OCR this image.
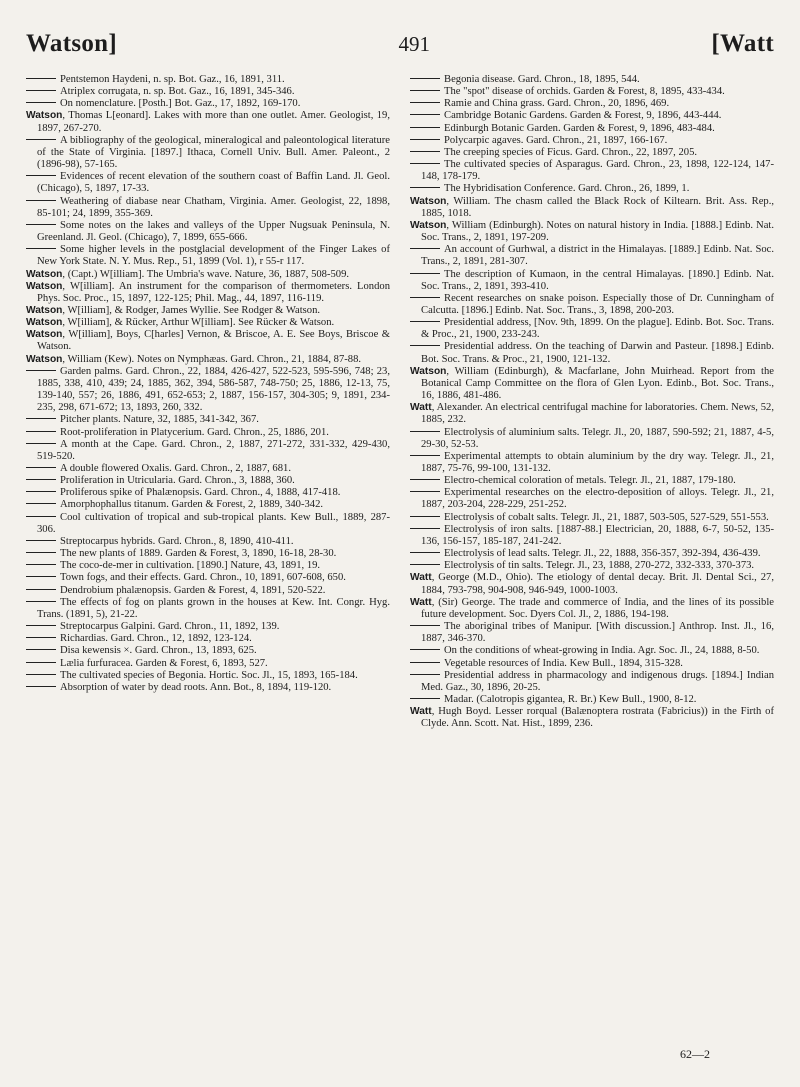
Watson]	491	[Watt

Pentstemon Haydeni, n. sp. Bot. Gaz., 16, 1891, 311.

Atriplex corrugata, n. sp. Bot. Gaz., 16, 1891, 345-346.

On nomenclature. [Posth.] Bot. Gaz., 17, 1892, 169-170.

Watson, Thomas L[eonard]. Lakes with more than one outlet. Amer. Geologist, 19, 1897, 267-270.

A bibliography of the geological, mineralogical and paleontological literature of the State of Virginia. [1897.] Ithaca, Cornell Univ. Bull. Amer. Paleont., 2 (1896-98), 57-165.

Evidences of recent elevation of the southern coast of Baffin Land. Jl. Geol. (Chicago), 5, 1897, 17-33.

Weathering of diabase near Chatham, Virginia. Amer. Geologist, 22, 1898, 85-101; 24, 1899, 355-369.

Some notes on the lakes and valleys of the Upper Nugsuak Peninsula, N. Greenland. Jl. Geol. (Chicago), 7, 1899, 655-666.

Some higher levels in the postglacial development of the Finger Lakes of New York State. N. Y. Mus. Rep., 51, 1899 (Vol. 1), r 55-r 117.

Watson, (Capt.) W[illiam]. The Umbria's wave. Nature, 36, 1887, 508-509.

Watson, W[illiam]. An instrument for the comparison of thermometers. London Phys. Soc. Proc., 15, 1897, 122-125; Phil. Mag., 44, 1897, 116-119.

Watson, W[illiam], & Rodger, James Wyllie. See Rodger & Watson.

Watson, W[illiam], & Rücker, Arthur W[illiam]. See Rücker & Watson.

Watson, W[illiam], Boys, C[harles] Vernon, & Briscoe, A. E. See Boys, Briscoe & Watson.

Watson, William (Kew). Notes on Nymphæas. Gard. Chron., 21, 1884, 87-88.

Garden palms. Gard. Chron., 22, 1884, 426-427, 522-523, 595-596, 748; 23, 1885, 338, 410, 439; 24, 1885, 362, 394, 586-587, 748-750; 25, 1886, 12-13, 75, 139-140, 557; 26, 1886, 491, 652-653; 2, 1887, 156-157, 304-305; 9, 1891, 234-235, 298, 671-672; 13, 1893, 260, 332.

Pitcher plants. Nature, 32, 1885, 341-342, 367.

Root-proliferation in Platycerium. Gard. Chron., 25, 1886, 201.

A month at the Cape. Gard. Chron., 2, 1887, 271-272, 331-332, 429-430, 519-520.

A double flowered Oxalis. Gard. Chron., 2, 1887, 681.

Proliferation in Utricularia. Gard. Chron., 3, 1888, 360.

Proliferous spike of Phalænopsis. Gard. Chron., 4, 1888, 417-418.

Amorphophallus titanum. Garden & Forest, 2, 1889, 340-342.

Cool cultivation of tropical and sub-tropical plants. Kew Bull., 1889, 287-306.

Streptocarpus hybrids. Gard. Chron., 8, 1890, 410-411.

The new plants of 1889. Garden & Forest, 3, 1890, 16-18, 28-30.

The coco-de-mer in cultivation. [1890.] Nature, 43, 1891, 19.

Town fogs, and their effects. Gard. Chron., 10, 1891, 607-608, 650.

Dendrobium phalænopsis. Garden & Forest, 4, 1891, 520-522.

The effects of fog on plants grown in the houses at Kew. Int. Congr. Hyg. Trans. (1891, 5), 21-22.

Streptocarpus Galpini. Gard. Chron., 11, 1892, 139.

Richardias. Gard. Chron., 12, 1892, 123-124.

Disa kewensis ×. Gard. Chron., 13, 1893, 625.

Lælia furfuracea. Garden & Forest, 6, 1893, 527.

The cultivated species of Begonia. Hortic. Soc. Jl., 15, 1893, 165-184.

Absorption of water by dead roots. Ann. Bot., 8, 1894, 119-120.

Begonia disease. Gard. Chron., 18, 1895, 544.

The "spot" disease of orchids. Garden & Forest, 8, 1895, 433-434.

Ramie and China grass. Gard. Chron., 20, 1896, 469.

Cambridge Botanic Gardens. Garden & Forest, 9, 1896, 443-444.

Edinburgh Botanic Garden. Garden & Forest, 9, 1896, 483-484.

Polycarpic agaves. Gard. Chron., 21, 1897, 166-167.

The creeping species of Ficus. Gard. Chron., 22, 1897, 205.

The cultivated species of Asparagus. Gard. Chron., 23, 1898, 122-124, 147-148, 178-179.

The Hybridisation Conference. Gard. Chron., 26, 1899, 1.

Watson, William. The chasm called the Black Rock of Kiltearn. Brit. Ass. Rep., 1885, 1018.

Watson, William (Edinburgh). Notes on natural history in India. [1888.] Edinb. Nat. Soc. Trans., 2, 1891, 197-209.

An account of Gurhwal, a district in the Himalayas. [1889.] Edinb. Nat. Soc. Trans., 2, 1891, 281-307.

The description of Kumaon, in the central Himalayas. [1890.] Edinb. Nat. Soc. Trans., 2, 1891, 393-410.

Recent researches on snake poison. Especially those of Dr. Cunningham of Calcutta. [1896.] Edinb. Nat. Soc. Trans., 3, 1898, 200-203.

Presidential address, [Nov. 9th, 1899. On the plague]. Edinb. Bot. Soc. Trans. & Proc., 21, 1900, 233-243.

Presidential address. On the teaching of Darwin and Pasteur. [1898.] Edinb. Bot. Soc. Trans. & Proc., 21, 1900, 121-132.

Watson, William (Edinburgh), & Macfarlane, John Muirhead. Report from the Botanical Camp Committee on the flora of Glen Lyon. Edinb., Bot. Soc. Trans., 16, 1886, 481-486.

Watt, Alexander. An electrical centrifugal machine for laboratories. Chem. News, 52, 1885, 232.

Electrolysis of aluminium salts. Telegr. Jl., 20, 1887, 590-592; 21, 1887, 4-5, 29-30, 52-53.

Experimental attempts to obtain aluminium by the dry way. Telegr. Jl., 21, 1887, 75-76, 99-100, 131-132.

Electro-chemical coloration of metals. Telegr. Jl., 21, 1887, 179-180.

Experimental researches on the electro-deposition of alloys. Telegr. Jl., 21, 1887, 203-204, 228-229, 251-252.

Electrolysis of cobalt salts. Telegr. Jl., 21, 1887, 503-505, 527-529, 551-553.

Electrolysis of iron salts. [1887-88.] Electrician, 20, 1888, 6-7, 50-52, 135-136, 156-157, 185-187, 241-242.

Electrolysis of lead salts. Telegr. Jl., 22, 1888, 356-357, 392-394, 436-439.

Electrolysis of tin salts. Telegr. Jl., 23, 1888, 270-272, 332-333, 370-373.

Watt, George (M.D., Ohio). The etiology of dental decay. Brit. Jl. Dental Sci., 27, 1884, 793-798, 904-908, 946-949, 1000-1003.

Watt, (Sir) George. The trade and commerce of India, and the lines of its possible future development. Soc. Dyers Col. Jl., 2, 1886, 194-198.

The aboriginal tribes of Manipur. [With discussion.] Anthrop. Inst. Jl., 16, 1887, 346-370.

On the conditions of wheat-growing in India. Agr. Soc. Jl., 24, 1888, 8-50.

Vegetable resources of India. Kew Bull., 1894, 315-328.

Presidential address in pharmacology and indigenous drugs. [1894.] Indian Med. Gaz., 30, 1896, 20-25.

Madar. (Calotropis gigantea, R. Br.) Kew Bull., 1900, 8-12.

Watt, Hugh Boyd. Lesser rorqual (Balænoptera rostrata (Fabricius)) in the Firth of Clyde. Ann. Scott. Nat. Hist., 1899, 236.

62—2
